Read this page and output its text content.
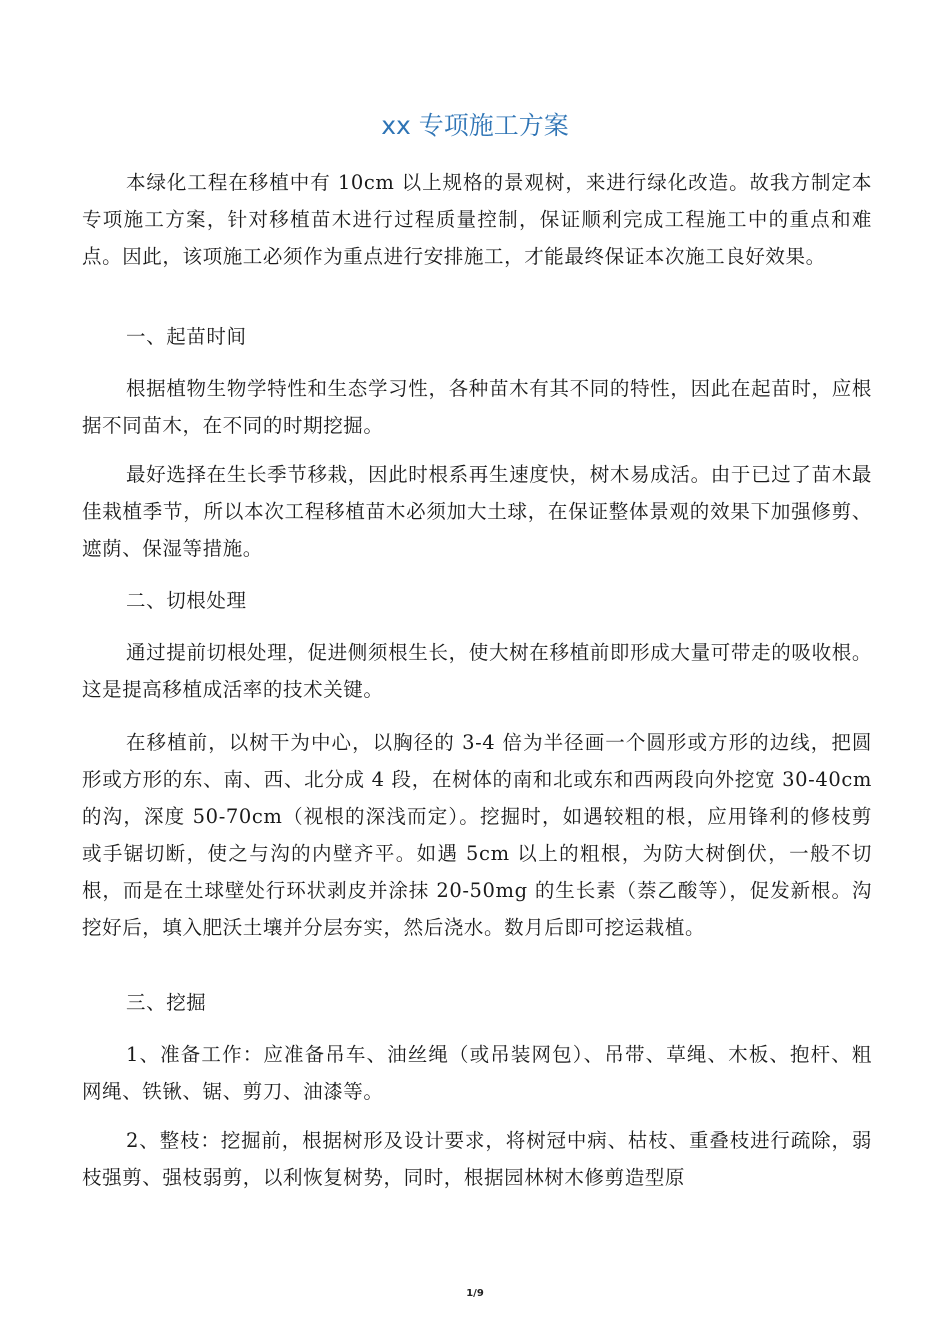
xx 专项施工方案

本绿化工程在移植中有 10cm 以上规格的景观树，来进行绿化改造。故我方制定本专项施工方案，针对移植苗木进行过程质量控制，保证顺利完成工程施工中的重点和难点。因此，该项施工必须作为重点进行安排施工，才能最终保证本次施工良好效果。

一、起苗时间

根据植物生物学特性和生态学习性，各种苗木有其不同的特性，因此在起苗时，应根据不同苗木，在不同的时期挖掘。

最好选择在生长季节移栽，因此时根系再生速度快，树木易成活。由于已过了苗木最佳栽植季节，所以本次工程移植苗木必须加大土球，在保证整体景观的效果下加强修剪、遮荫、保湿等措施。

二、切根处理

通过提前切根处理，促进侧须根生长，使大树在移植前即形成大量可带走的吸收根。这是提高移植成活率的技术关键。

在移植前，以树干为中心，以胸径的 3-4 倍为半径画一个圆形或方形的边线，把圆形或方形的东、南、西、北分成 4 段，在树体的南和北或东和西两段向外挖宽 30-40cm 的沟，深度 50-70cm（视根的深浅而定）。挖掘时，如遇较粗的根，应用锋利的修枝剪或手锯切断，使之与沟的内壁齐平。如遇 5cm 以上的粗根，为防大树倒伏，一般不切根，而是在土球壁处行环状剥皮并涂抹 20-50mg 的生长素（萘乙酸等），促发新根。沟挖好后，填入肥沃土壤并分层夯实，然后浇水。数月后即可挖运栽植。

三、挖掘

1、准备工作：应准备吊车、油丝绳（或吊装网包）、吊带、草绳、木板、抱杆、粗网绳、铁锹、锯、剪刀、油漆等。

2、整枝：挖掘前，根据树形及设计要求，将树冠中病、枯枝、重叠枝进行疏除，弱枝强剪、强枝弱剪，以利恢复树势，同时，根据园林树木修剪造型原

1/9
